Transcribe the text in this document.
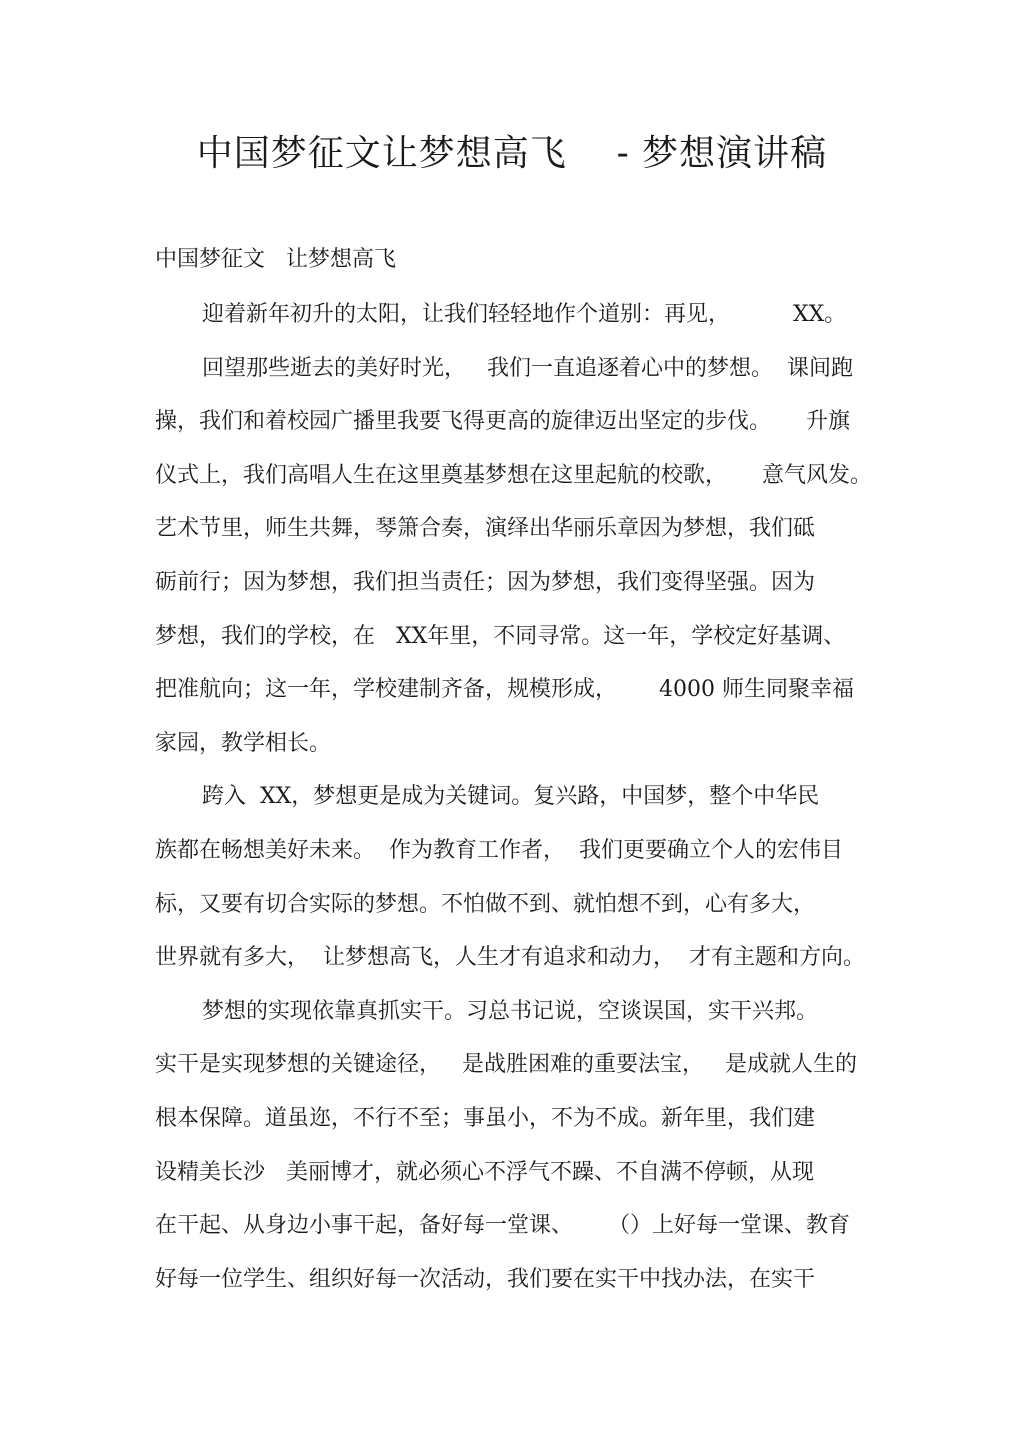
中国梦征文让梦想高飞    - 梦想演讲稿
中国梦征文   让梦想高飞
迎着新年初升的太阳，让我们轻轻地作个道别：再见，         XX。
回望那些逝去的美好时光，   我们一直追逐着心中的梦想。  课间跑
操，我们和着校园广播里我要飞得更高的旋律迈出坚定的步伐。     升旗
仪式上，我们高唱人生在这里奠基梦想在这里起航的校歌，     意气风发。
艺术节里，师生共舞，琴箫合奏，演绎出华丽乐章因为梦想，我们砥
砺前行；因为梦想，我们担当责任；因为梦想，我们变得坚强。因为
梦想，我们的学校，在   XX年里，不同寻常。这一年，学校定好基调、
把准航向；这一年，学校建制齐备，规模形成，      4000 师生同聚幸福
家园，教学相长。
跨入  XX，梦想更是成为关键词。复兴路，中国梦，整个中华民
族都在畅想美好未来。  作为教育工作者，  我们更要确立个人的宏伟目
标，又要有切合实际的梦想。不怕做不到、就怕想不到，心有多大，
世界就有多大，  让梦想高飞，人生才有追求和动力，  才有主题和方向。
梦想的实现依靠真抓实干。习总书记说，空谈误国，实干兴邦。
实干是实现梦想的关键途径，   是战胜困难的重要法宝，   是成就人生的
根本保障。道虽迩，不行不至；事虽小，不为不成。新年里，我们建
设精美长沙   美丽博才，就必须心不浮气不躁、不自满不停顿，从现
在干起、从身边小事干起，备好每一堂课、     （）上好每一堂课、教育
好每一位学生、组织好每一次活动，我们要在实干中找办法，在实干
